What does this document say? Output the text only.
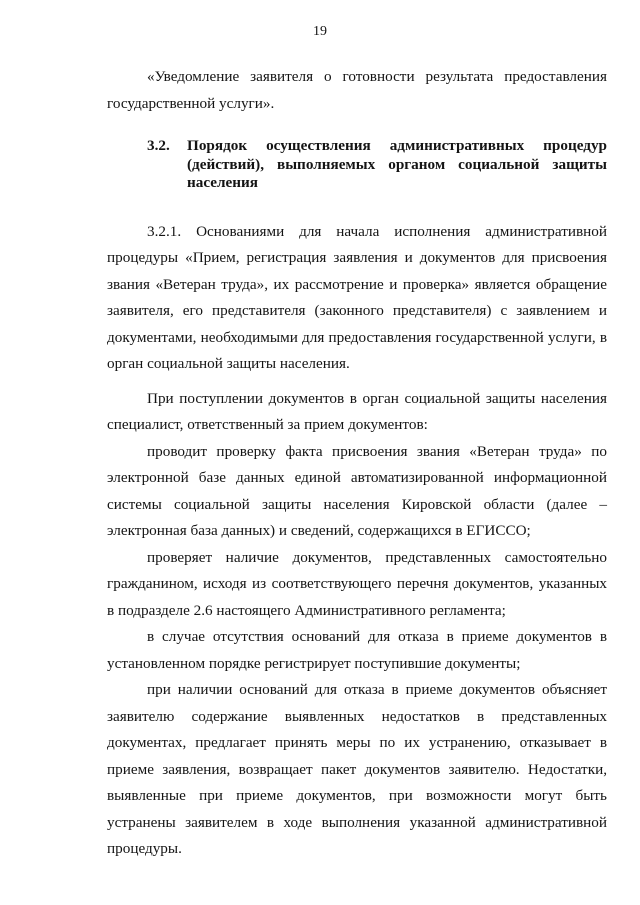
19

«Уведомление заявителя о готовности результата предоставления государственной услуги».

3.2.	Порядок осуществления административных процедур (действий), выполняемых органом социальной защиты населения

3.2.1. Основаниями для начала исполнения административной процедуры «Прием, регистрация заявления и документов для присвоения звания «Ветеран труда», их рассмотрение и проверка» является обращение заявителя, его представителя (законного представителя) с заявлением и документами, необходимыми для предоставления государственной услуги, в орган социальной защиты населения.

При поступлении документов в орган социальной защиты населения специалист, ответственный за прием документов:

проводит проверку факта присвоения звания «Ветеран труда» по электронной базе данных единой автоматизированной информационной системы социальной защиты населения Кировской области (далее – электронная база данных) и сведений, содержащихся в ЕГИССО;

проверяет наличие документов, представленных самостоятельно гражданином, исходя из соответствующего перечня документов, указанных в подразделе 2.6 настоящего Административного регламента;

в случае отсутствия оснований для отказа в приеме документов в установленном порядке регистрирует поступившие документы;

при наличии оснований для отказа в приеме документов объясняет заявителю содержание выявленных недостатков в представленных документах, предлагает принять меры по их устранению, отказывает в приеме заявления, возвращает пакет документов заявителю. Недостатки, выявленные при приеме документов, при возможности могут быть устранены заявителем в ходе выполнения указанной административной процедуры.
